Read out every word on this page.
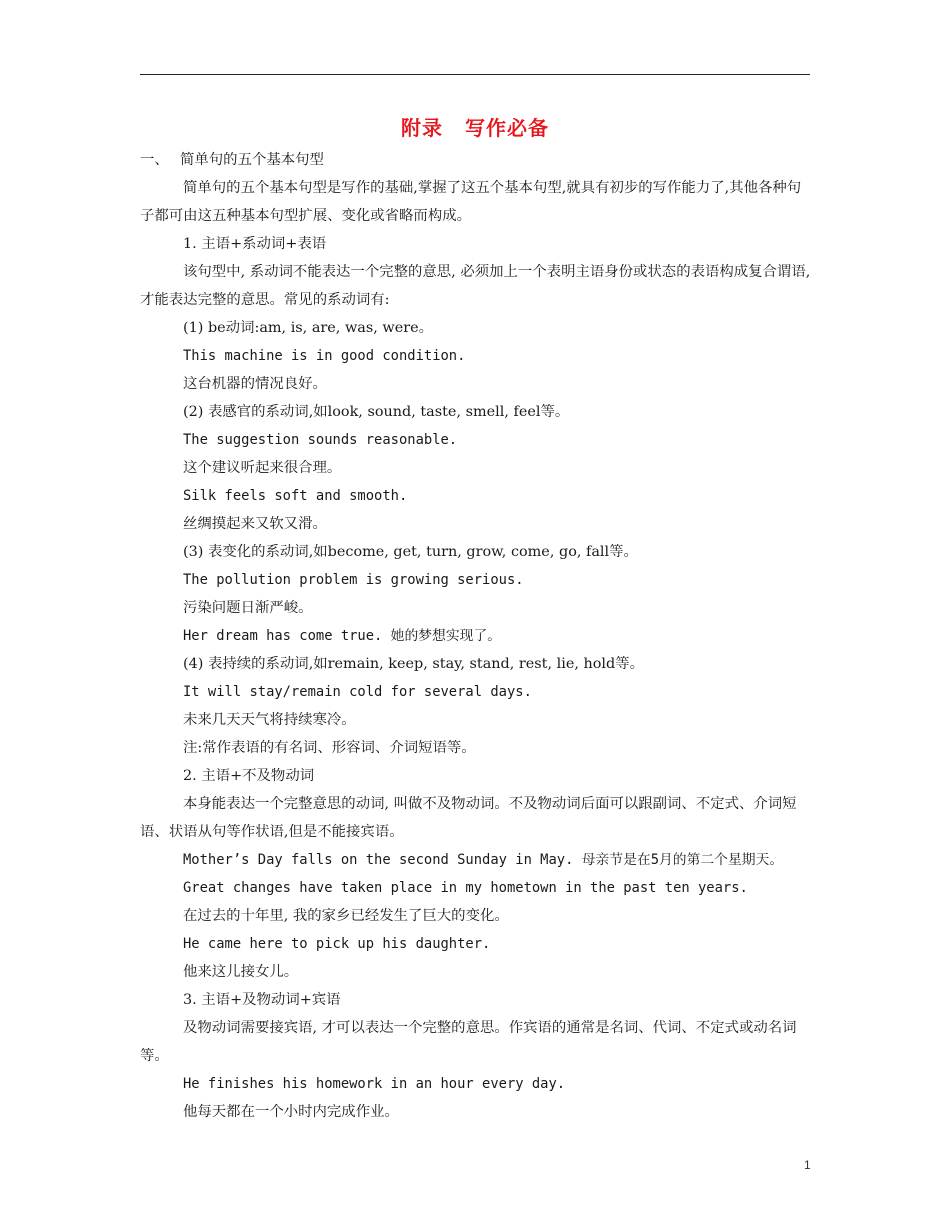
附录 写作必备

一、 简单句的五个基本句型

简单句的五个基本句型是写作的基础,掌握了这五个基本句型,就具有初步的写作能力了,其他各种句子都可由这五种基本句型扩展、变化或省略而构成。

1. 主语+系动词+表语

该句型中, 系动词不能表达一个完整的意思, 必须加上一个表明主语身份或状态的表语构成复合谓语, 才能表达完整的意思。常见的系动词有:

(1) be动词:am, is, are, was, were。

This machine is in good condition.

这台机器的情况良好。

(2) 表感官的系动词,如look, sound, taste, smell, feel等。

The suggestion sounds reasonable.

这个建议听起来很合理。

Silk feels soft and smooth.

丝绸摸起来又软又滑。

(3) 表变化的系动词,如become, get, turn, grow, come, go, fall等。

The pollution problem is growing serious.

污染问题日渐严峻。

Her dream has come true. 她的梦想实现了。

(4) 表持续的系动词,如remain, keep, stay, stand, rest, lie, hold等。

It will stay/remain cold for several days.

未来几天天气将持续寒冷。

注:常作表语的有名词、形容词、介词短语等。

2. 主语+不及物动词

本身能表达一个完整意思的动词, 叫做不及物动词。不及物动词后面可以跟副词、不定式、介词短语、状语从句等作状语,但是不能接宾语。

Mother’s Day falls on the second Sunday in May. 母亲节是在5月的第二个星期天。

Great changes have taken place in my hometown in the past ten years.

在过去的十年里, 我的家乡已经发生了巨大的变化。

He came here to pick up his daughter.

他来这儿接女儿。

3. 主语+及物动词+宾语

及物动词需要接宾语, 才可以表达一个完整的意思。作宾语的通常是名词、代词、不定式或动名词等。

He finishes his homework in an hour every day.

他每天都在一个小时内完成作业。

1
